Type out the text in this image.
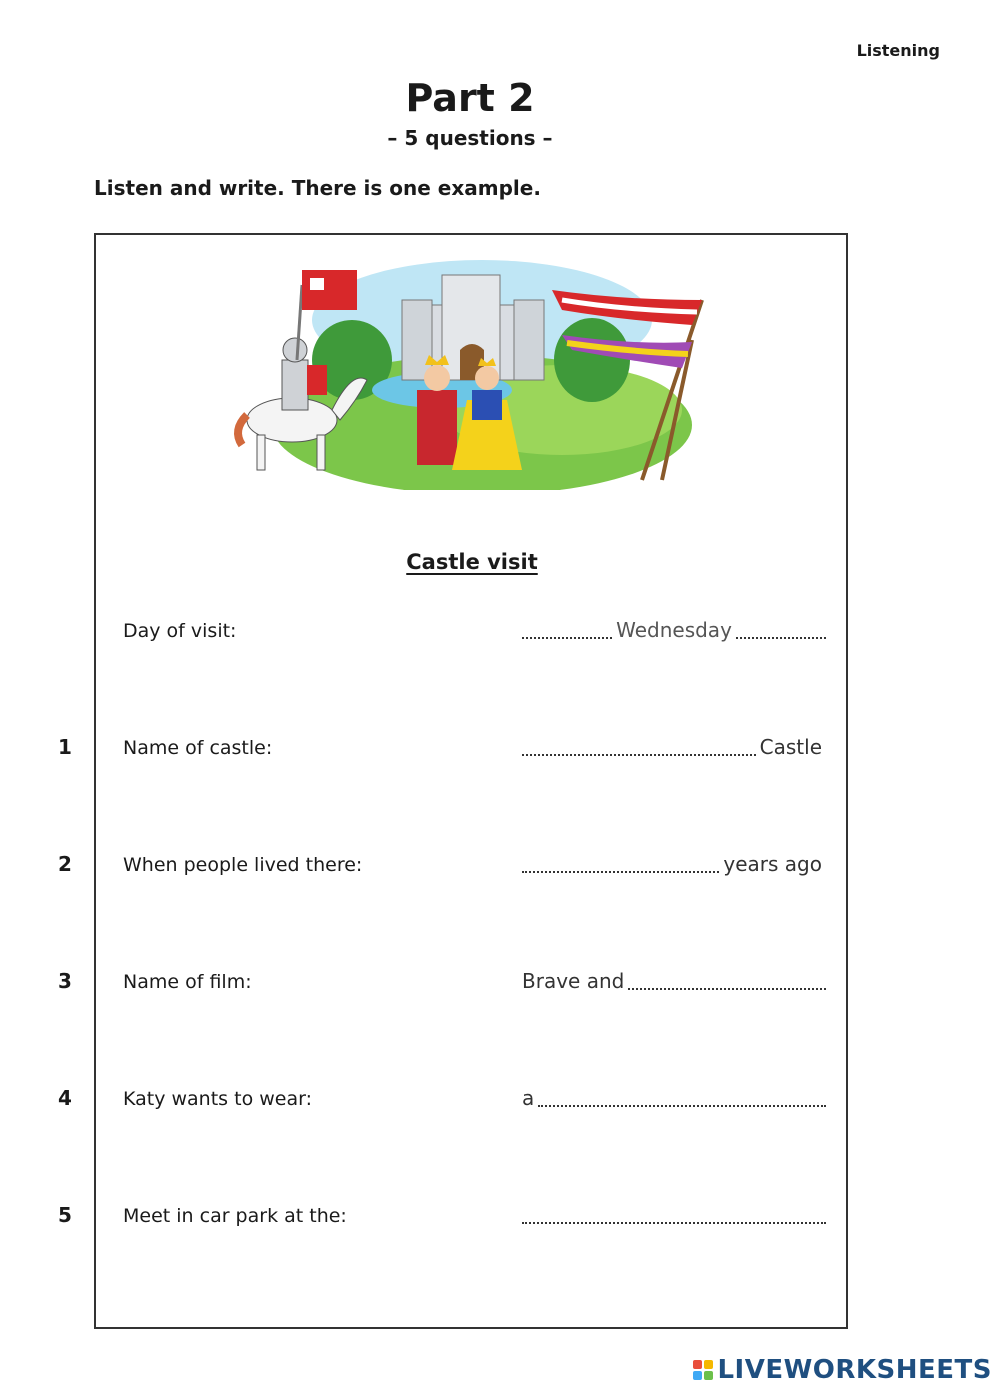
Listening
Part 2
– 5 questions –
Listen and write. There is one example.
Castle visit
Day of visit:	Wednesday
1	Name of castle:	Castle
2	When people lived there:	years ago
3	Name of film:	Brave and
4	Katy wants to wear:	a
5	Meet in car park at the:
LIVEWORKSHEETS
